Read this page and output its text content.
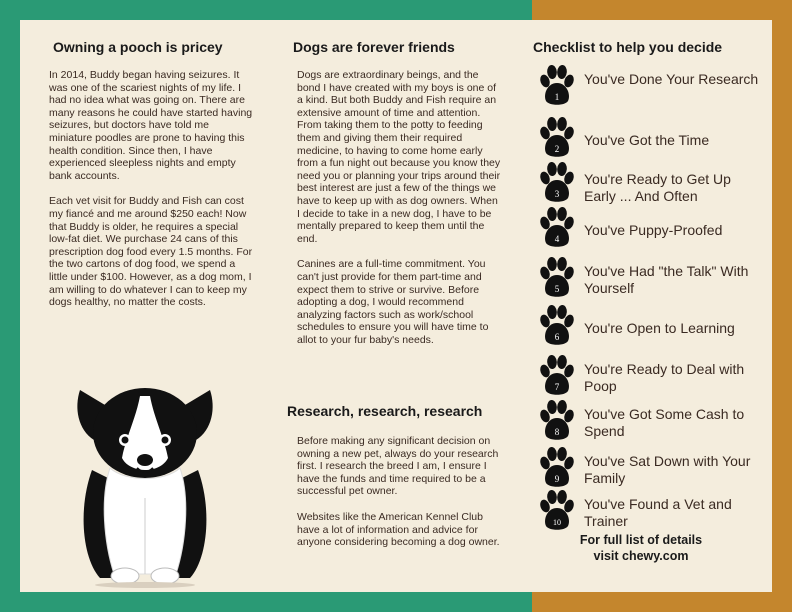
Owning a pooch is pricey

In 2014, Buddy began having seizures. It was one of the scariest nights of my life. I had no idea what was going on. There are many reasons he could have started having seizures, but doctors have told me miniature poodles are prone to having this health condition. Since then, I have experienced sleepless nights and empty bank accounts.

Each vet visit for Buddy and Fish can cost my fiancé and me around $250 each! Now that Buddy is older, he requires a special low-fat diet. We purchase 24 cans of this prescription dog food every 1.5 months. For the two cartons of dog food, we spend a little under $100. However, as a dog mom, I am willing to do whatever I can to keep my dogs healthy, no matter the costs.

Dogs are forever friends

Dogs are extraordinary beings, and the bond I have created with my boys is one of a kind. But both Buddy and Fish require an extensive amount of time and attention. From taking them to the potty to feeding them and giving them their required medicine, to having to come home early from a fun night out because you know they need you or planning your trips around their best interest are just a few of the things we have to keep up with as dog owners. When I decide to take in a new dog, I have to be mentally prepared to keep them until the end.

Canines are a full-time commitment. You can't just provide for them part-time and expect them to strive or survive. Before adopting a dog, I would recommend analyzing factors such as work/school schedules to ensure you will have time to allot to your fur baby's needs.

Research, research, research

Before making any significant decision on owning a new pet, always do your research first. I research the breed I am, I ensure I have the funds and time required to be a successful pet owner.

Websites like the American Kennel Club have a lot of information and advice for anyone considering becoming a dog owner.

Checklist to help you decide
1
You've Done Your Research
2
You've Got the Time
3
You're Ready to Get Up Early ... And Often
4
You've Puppy-Proofed
5
You've Had "the Talk" With Yourself
6
You're Open to Learning
7
You're Ready to Deal with Poop
8
You've Got Some Cash to Spend
9
You've Sat Down with Your Family
10
You've Found a Vet and Trainer
For full list of details
visit chewy.com
